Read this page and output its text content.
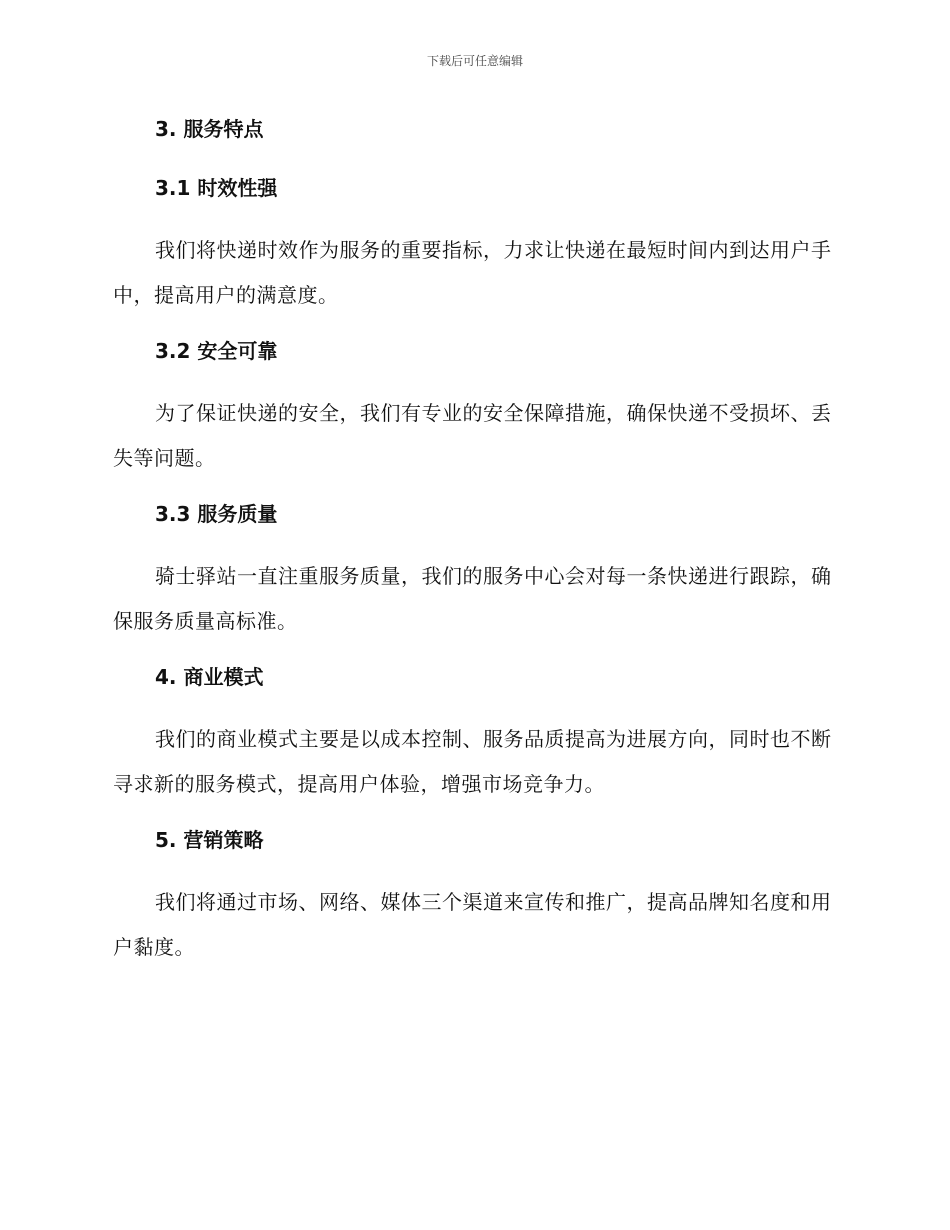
下载后可任意编辑
3. 服务特点
3.1 时效性强

我们将快递时效作为服务的重要指标，力求让快递在最短时间内到达用户手中，提高用户的满意度。

3.2 安全可靠

为了保证快递的安全，我们有专业的安全保障措施，确保快递不受损坏、丢失等问题。

3.3 服务质量

骑士驿站一直注重服务质量，我们的服务中心会对每一条快递进行跟踪，确保服务质量高标准。

4. 商业模式

我们的商业模式主要是以成本控制、服务品质提高为进展方向，同时也不断寻求新的服务模式，提高用户体验，增强市场竞争力。

5. 营销策略

我们将通过市场、网络、媒体三个渠道来宣传和推广，提高品牌知名度和用户黏度。
